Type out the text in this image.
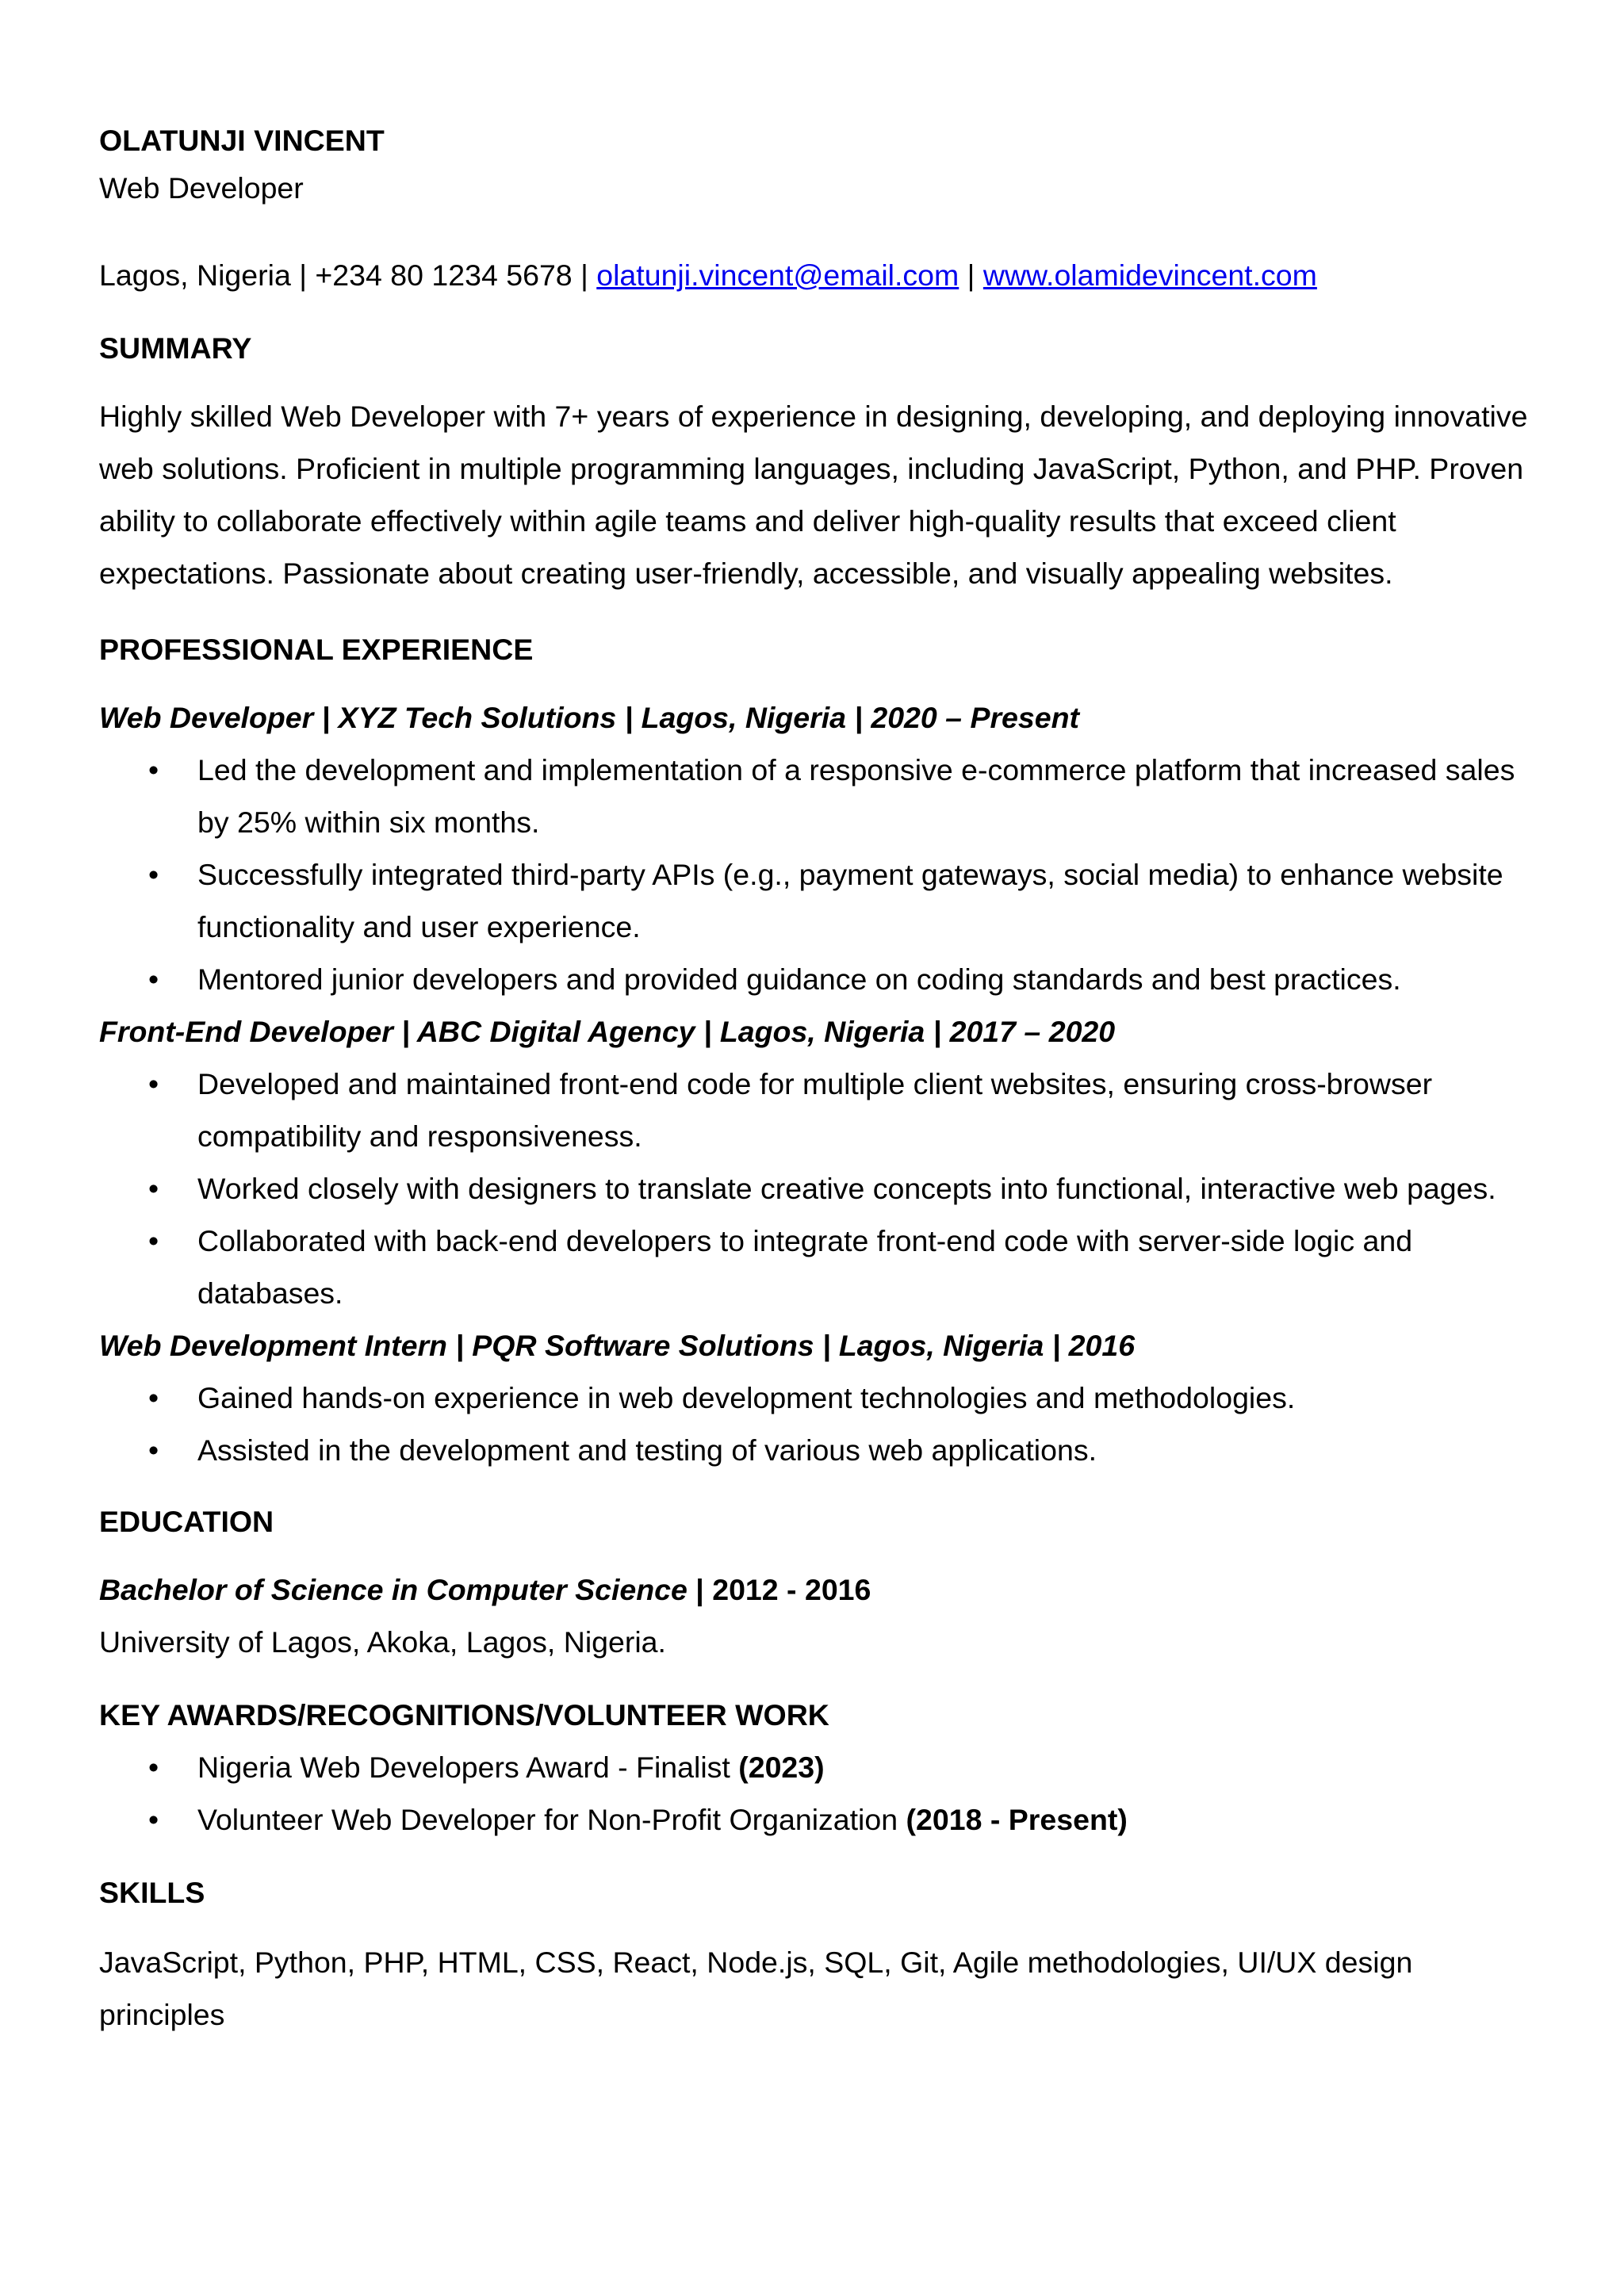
OLATUNJI VINCENT
Web Developer
Lagos, Nigeria | +234 80 1234 5678 | olatunji.vincent@email.com | www.olamidevincent.com
SUMMARY
Highly skilled Web Developer with 7+ years of experience in designing, developing, and deploying innovative web solutions. Proficient in multiple programming languages, including JavaScript, Python, and PHP. Proven ability to collaborate effectively within agile teams and deliver high-quality results that exceed client expectations. Passionate about creating user-friendly, accessible, and visually appealing websites.
PROFESSIONAL EXPERIENCE
Web Developer | XYZ Tech Solutions | Lagos, Nigeria | 2020 – Present
• Led the development and implementation of a responsive e-commerce platform that increased sales by 25% within six months.
• Successfully integrated third-party APIs (e.g., payment gateways, social media) to enhance website functionality and user experience.
• Mentored junior developers and provided guidance on coding standards and best practices.
Front-End Developer | ABC Digital Agency | Lagos, Nigeria | 2017 – 2020
• Developed and maintained front-end code for multiple client websites, ensuring cross-browser compatibility and responsiveness.
• Worked closely with designers to translate creative concepts into functional, interactive web pages.
• Collaborated with back-end developers to integrate front-end code with server-side logic and databases.
Web Development Intern | PQR Software Solutions | Lagos, Nigeria | 2016
• Gained hands-on experience in web development technologies and methodologies.
• Assisted in the development and testing of various web applications.
EDUCATION
Bachelor of Science in Computer Science | 2012 - 2016
University of Lagos, Akoka, Lagos, Nigeria.
KEY AWARDS/RECOGNITIONS/VOLUNTEER WORK
• Nigeria Web Developers Award - Finalist (2023)
• Volunteer Web Developer for Non-Profit Organization (2018 - Present)
SKILLS
JavaScript, Python, PHP, HTML, CSS, React, Node.js, SQL, Git, Agile methodologies, UI/UX design principles
